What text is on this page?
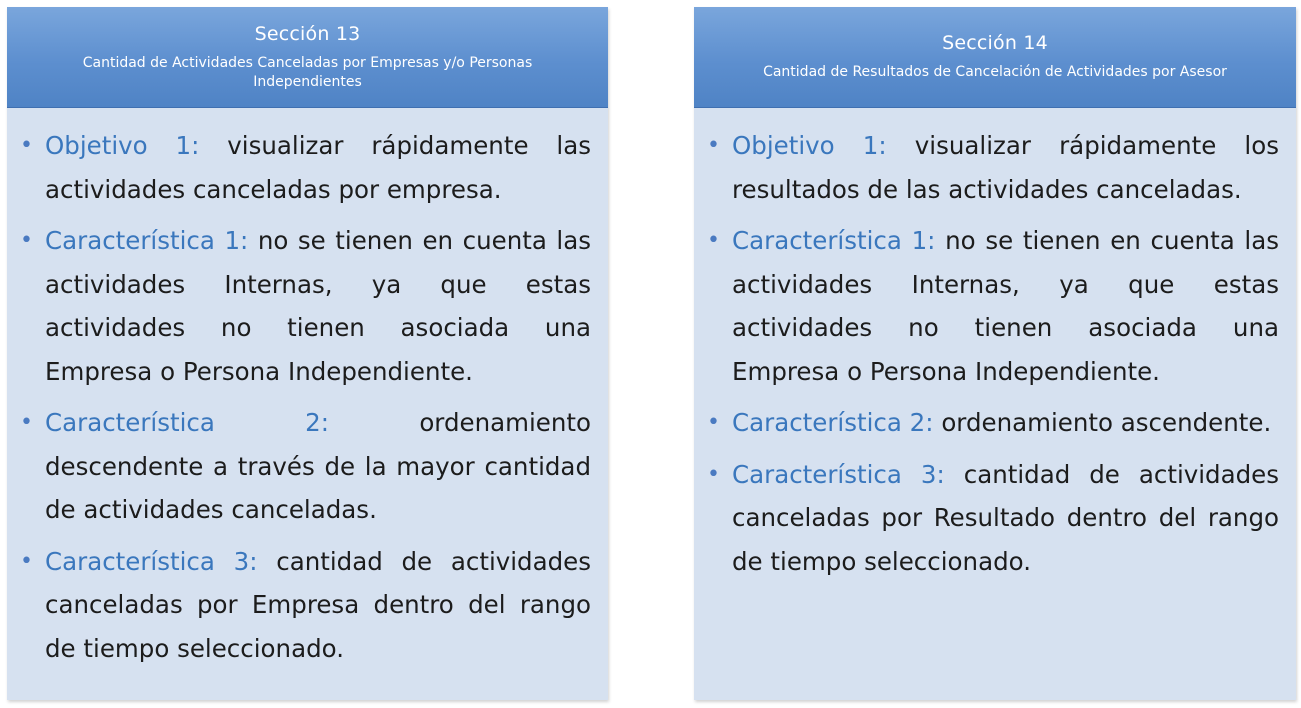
Sección 13
Cantidad de Actividades Canceladas por Empresas y/o Personas Independientes
• Objetivo 1: visualizar rápidamente las actividades canceladas por empresa.
• Característica 1: no se tienen en cuenta las actividades Internas, ya que estas actividades no tienen asociada una Empresa o Persona Independiente.
• Característica 2: ordenamiento descendente a través de la mayor cantidad de actividades canceladas.
• Característica 3: cantidad de actividades canceladas por Empresa dentro del rango de tiempo seleccionado.
Sección 14
Cantidad de Resultados de Cancelación de Actividades por Asesor
• Objetivo 1: visualizar rápidamente los resultados de las actividades canceladas.
• Característica 1: no se tienen en cuenta las actividades Internas, ya que estas actividades no tienen asociada una Empresa o Persona Independiente.
• Característica 2: ordenamiento ascendente.
• Característica 3: cantidad de actividades canceladas por Resultado dentro del rango de tiempo seleccionado.
